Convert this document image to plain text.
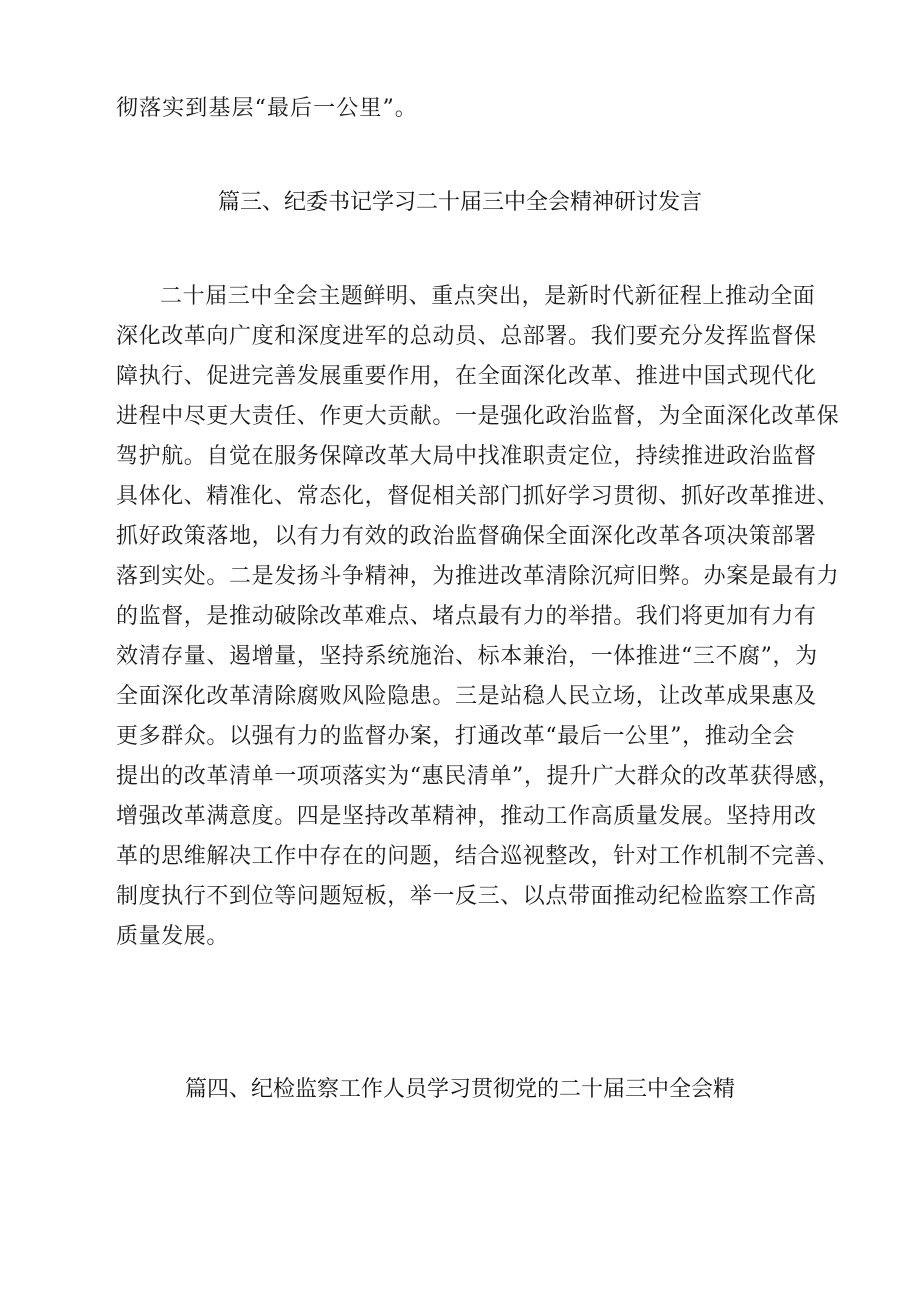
彻落实到基层“最后一公里”。
篇三、纪委书记学习二十届三中全会精神研讨发言
二十届三中全会主题鲜明、重点突出，是新时代新征程上推动全面
深化改革向广度和深度进军的总动员、总部署。我们要充分发挥监督保
障执行、促进完善发展重要作用，在全面深化改革、推进中国式现代化
进程中尽更大责任、作更大贡献。一是强化政治监督，为全面深化改革保
驾护航。自觉在服务保障改革大局中找准职责定位，持续推进政治监督
具体化、精准化、常态化，督促相关部门抓好学习贯彻、抓好改革推进、
抓好政策落地，以有力有效的政治监督确保全面深化改革各项决策部署
落到实处。二是发扬斗争精神，为推进改革清除沉疴旧弊。办案是最有力
的监督，是推动破除改革难点、堵点最有力的举措。我们将更加有力有
效清存量、遏增量，坚持系统施治、标本兼治，一体推进“三不腐”，为
全面深化改革清除腐败风险隐患。三是站稳人民立场，让改革成果惠及
更多群众。以强有力的监督办案，打通改革“最后一公里”，推动全会
提出的改革清单一项项落实为“惠民清单”，提升广大群众的改革获得感，
增强改革满意度。四是坚持改革精神，推动工作高质量发展。坚持用改
革的思维解决工作中存在的问题，结合巡视整改，针对工作机制不完善、
制度执行不到位等问题短板，举一反三、以点带面推动纪检监察工作高
质量发展。
篇四、纪检监察工作人员学习贯彻党的二十届三中全会精
